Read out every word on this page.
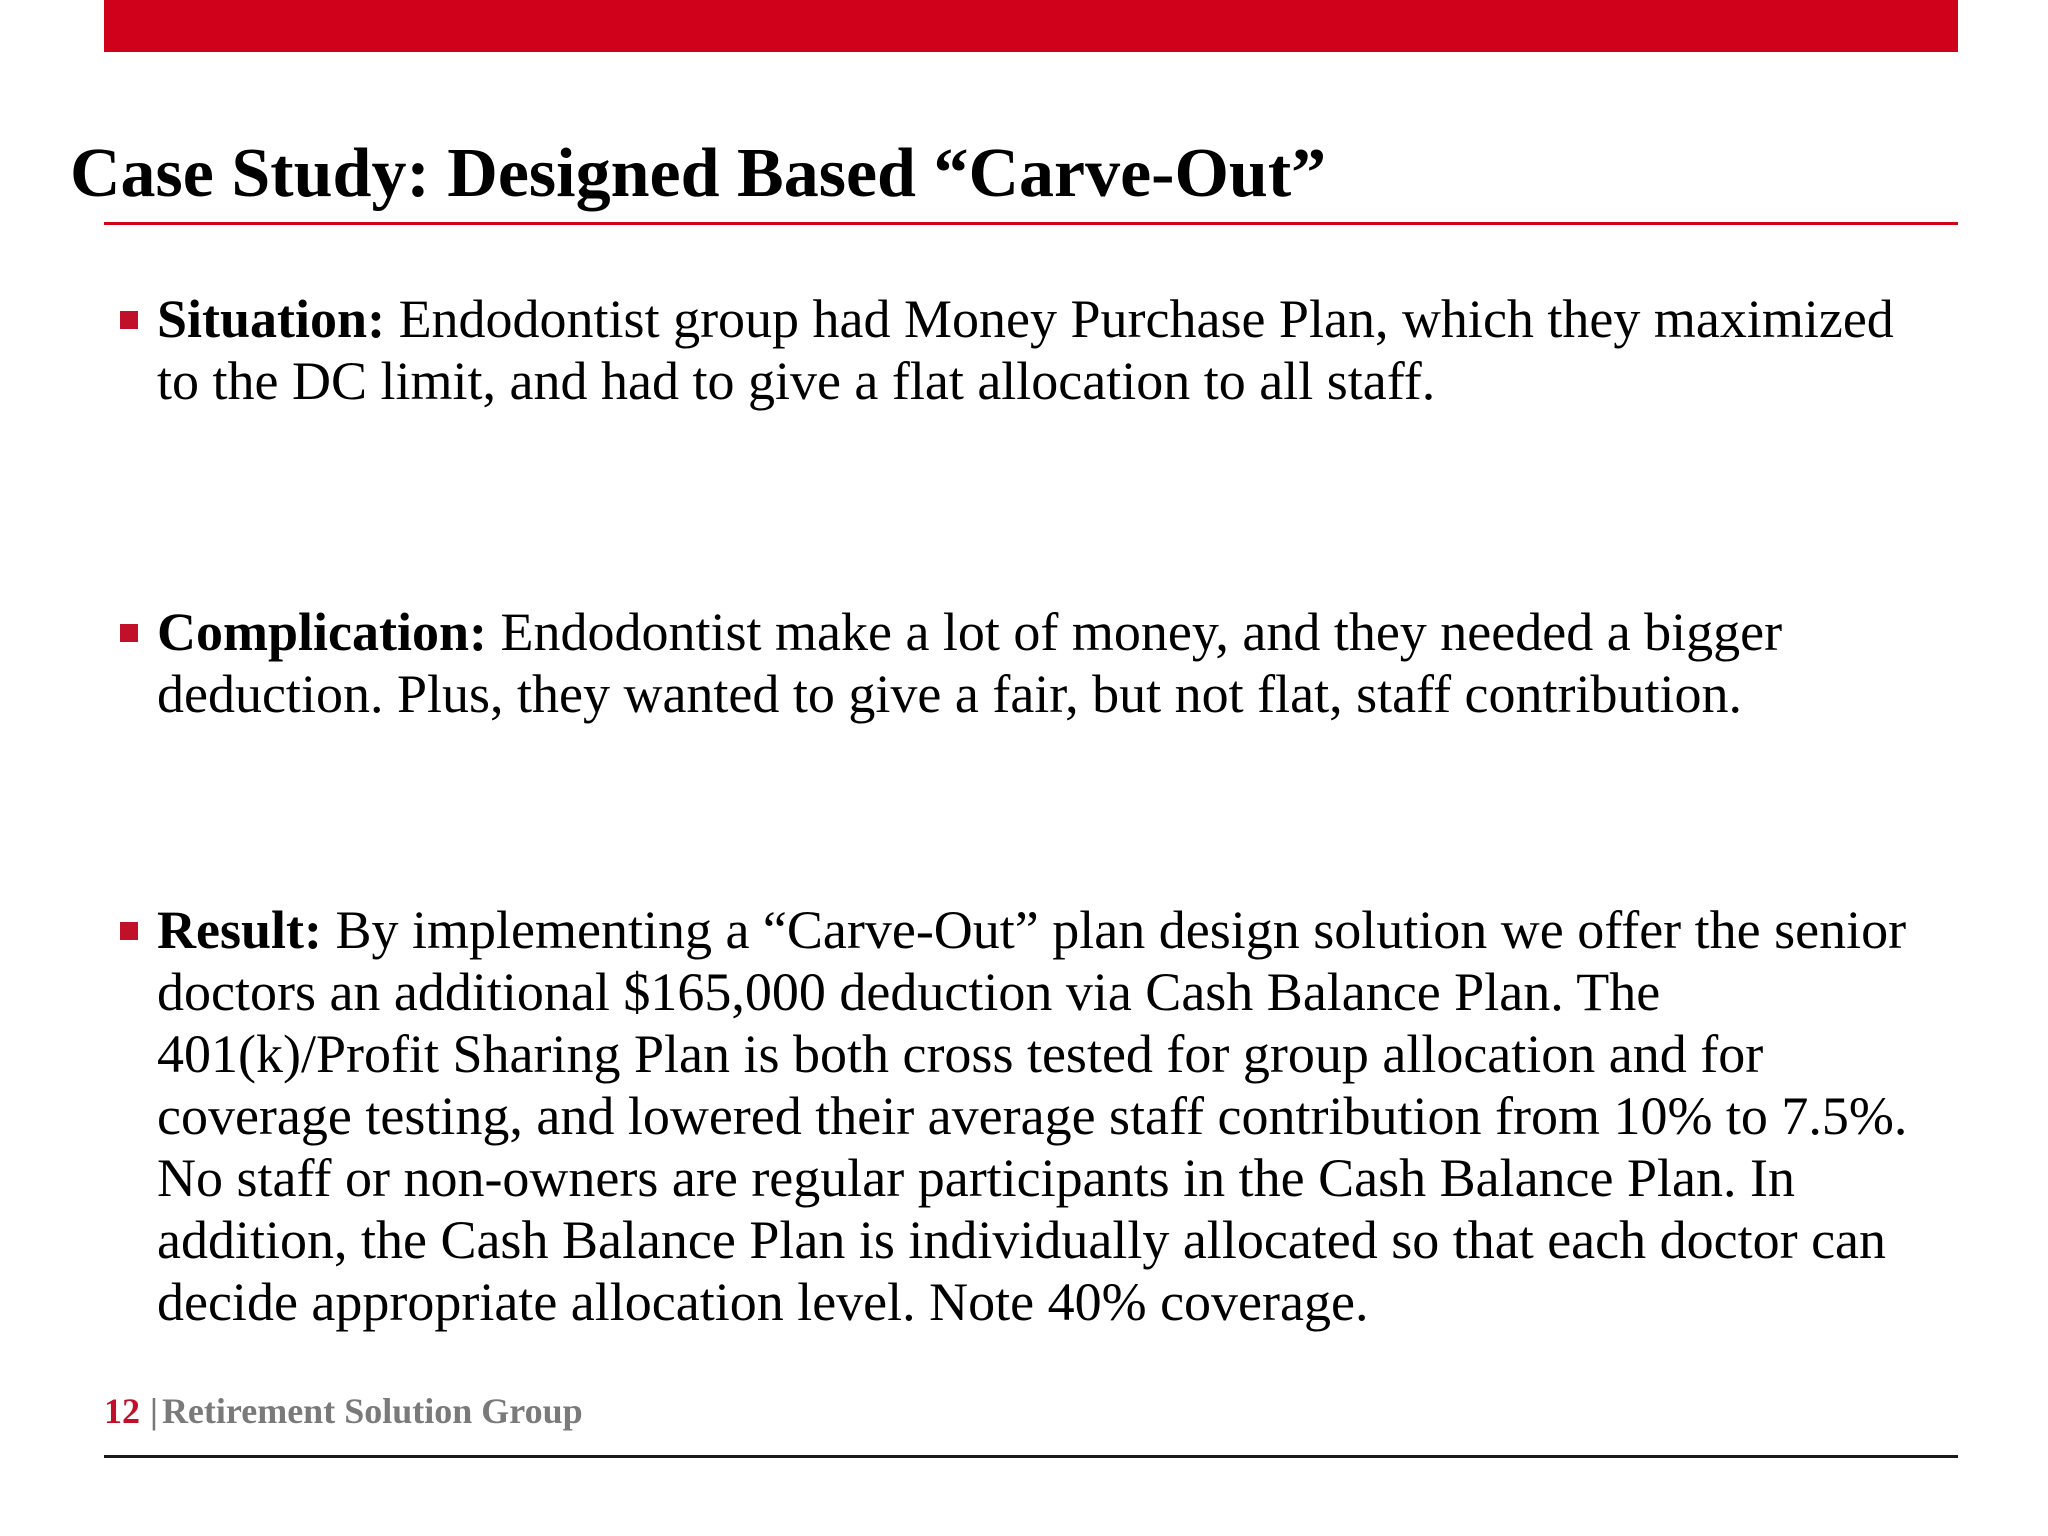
Case Study: Designed Based “Carve-Out”
Situation: Endodontist group had Money Purchase Plan, which they maximized to the DC limit, and had to give a flat allocation to all staff.
Complication: Endodontist make a lot of money, and they needed a bigger deduction. Plus, they wanted to give a fair, but not flat, staff contribution.
Result: By implementing a “Carve-Out” plan design solution we offer the senior doctors an additional $165,000 deduction via Cash Balance Plan. The 401(k)/Profit Sharing Plan is both cross tested for group allocation and for coverage testing, and lowered their average staff contribution from 10% to 7.5%. No staff or non-owners are regular participants in the Cash Balance Plan. In addition, the Cash Balance Plan is individually allocated so that each doctor can decide appropriate allocation level. Note 40% coverage.
12 | Retirement Solution Group
